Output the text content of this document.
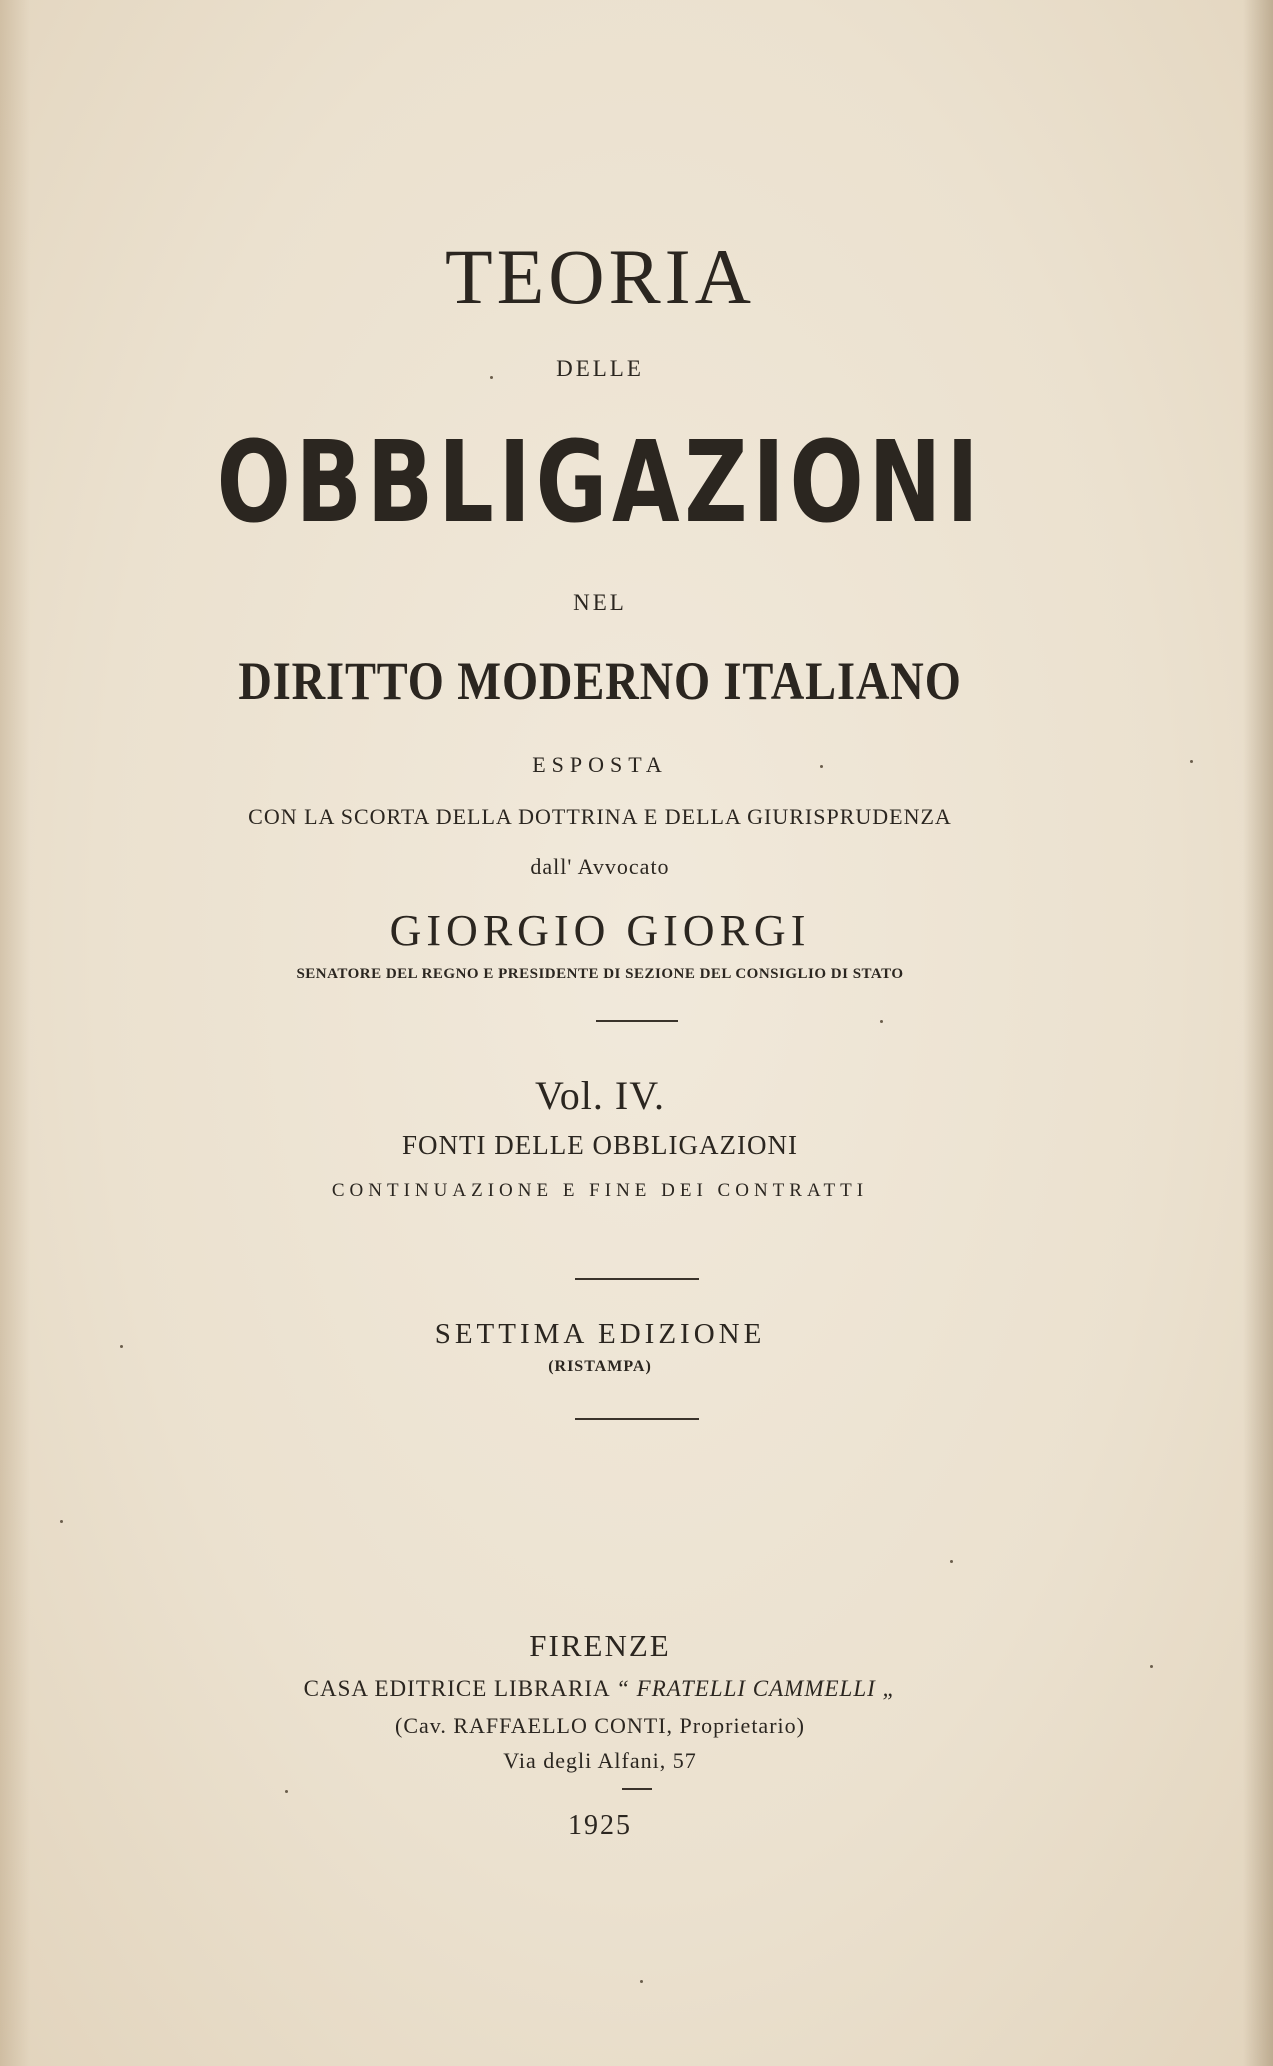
TEORIA
DELLE
OBBLIGAZIONI
NEL
DIRITTO MODERNO ITALIANO
ESPOSTA
CON LA SCORTA DELLA DOTTRINA E DELLA GIURISPRUDENZA
dall' Avvocato
GIORGIO GIORGI
SENATORE DEL REGNO E PRESIDENTE DI SEZIONE DEL CONSIGLIO DI STATO
Vol. IV.
FONTI DELLE OBBLIGAZIONI
CONTINUAZIONE E FINE DEI CONTRATTI
SETTIMA EDIZIONE
(RISTAMPA)
FIRENZE
CASA EDITRICE LIBRARIA “ FRATELLI CAMMELLI „
(Cav. RAFFAELLO CONTI, Proprietario)
Via degli Alfani, 57
1925
